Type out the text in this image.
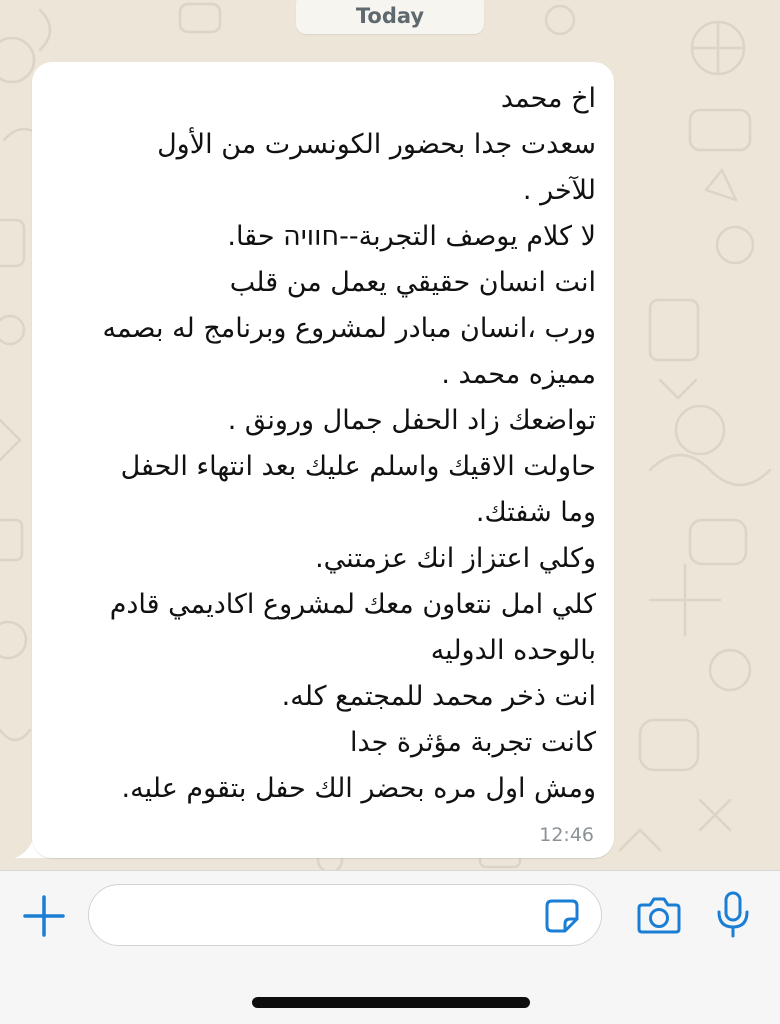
Today
اخ محمد
سعدت جدا بحضور الكونسرت من الأول
للآخر .
لا كلام يوصف التجربة--חוויה حقا.
انت انسان حقيقي يعمل من قلب
ورب ،انسان مبادر لمشروع وبرنامج له بصمه
مميزه محمد .
تواضعك زاد الحفل جمال ورونق .
حاولت الاقيك واسلم عليك بعد انتهاء الحفل
وما شفتك.
وكلي اعتزاز انك عزمتني.
كلي امل نتعاون معك لمشروع اكاديمي قادم
بالوحده الدوليه
انت ذخر محمد للمجتمع كله.
كانت تجربة مؤثرة جدا
ومش اول مره بحضر الك حفل بتقوم عليه.
12:46
